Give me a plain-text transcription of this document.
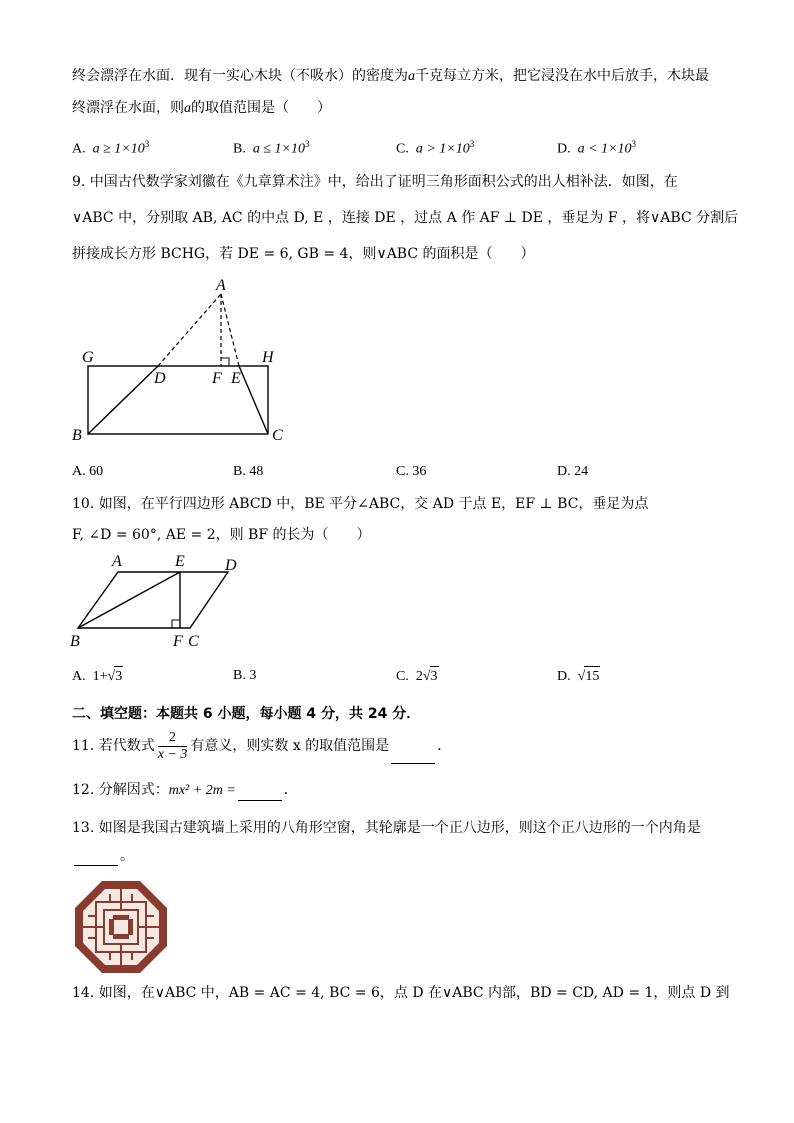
终会漂浮在水面．现有一实心木块（不吸水）的密度为a千克每立方米，把它浸没在水中后放手，木块最
终漂浮在水面，则a的取值范围是（　　）
A. $a \ge 1\times 10^3$	B. $a \le 1\times 10^3$	C. $a > 1\times 10^3$	D. $a < 1\times 10^3$
9. 中国古代数学家刘徽在《九章算术注》中，给出了证明三角形面积公式的出人相补法．如图，在
∨ABC 中，分别取 AB, AC 的中点 D, E ，连接 DE ，过点 A 作 AF ⊥ DE ，垂足为 F ，将∨ABC 分割后
拼接成长方形 BCHG，若 DE = 6, GB = 4，则∨ABC 的面积是（　　）
A
G	H
D	F E
B	C
A. 60	B. 48	C. 36	D. 24
10. 如图，在平行四边形 ABCD 中，BE 平分∠ABC，交 AD 于点 E，EF ⊥ BC，垂足为点
F, ∠D = 60°, AE = 2，则 BF 的长为（　　）
A	E	D
B	F C
A. 1+√3	B. 3	C. 2√3	D.  √15
二、填空题：本题共 6 小题，每小题 4 分，共 24 分．
11. 若代数式 $\frac{2}{x - 3}$ 有意义，则实数 x 的取值范围是	．
12. 分解因式：mx² + 2m =	．
13. 如图是我国古建筑墙上采用的八角形空窗，其轮廓是一个正八边形，则这个正八边形的一个内角是
。
14. 如图，在∨ABC 中，AB = AC = 4, BC = 6，点 D 在∨ABC 内部，BD = CD, AD = 1，则点 D 到
